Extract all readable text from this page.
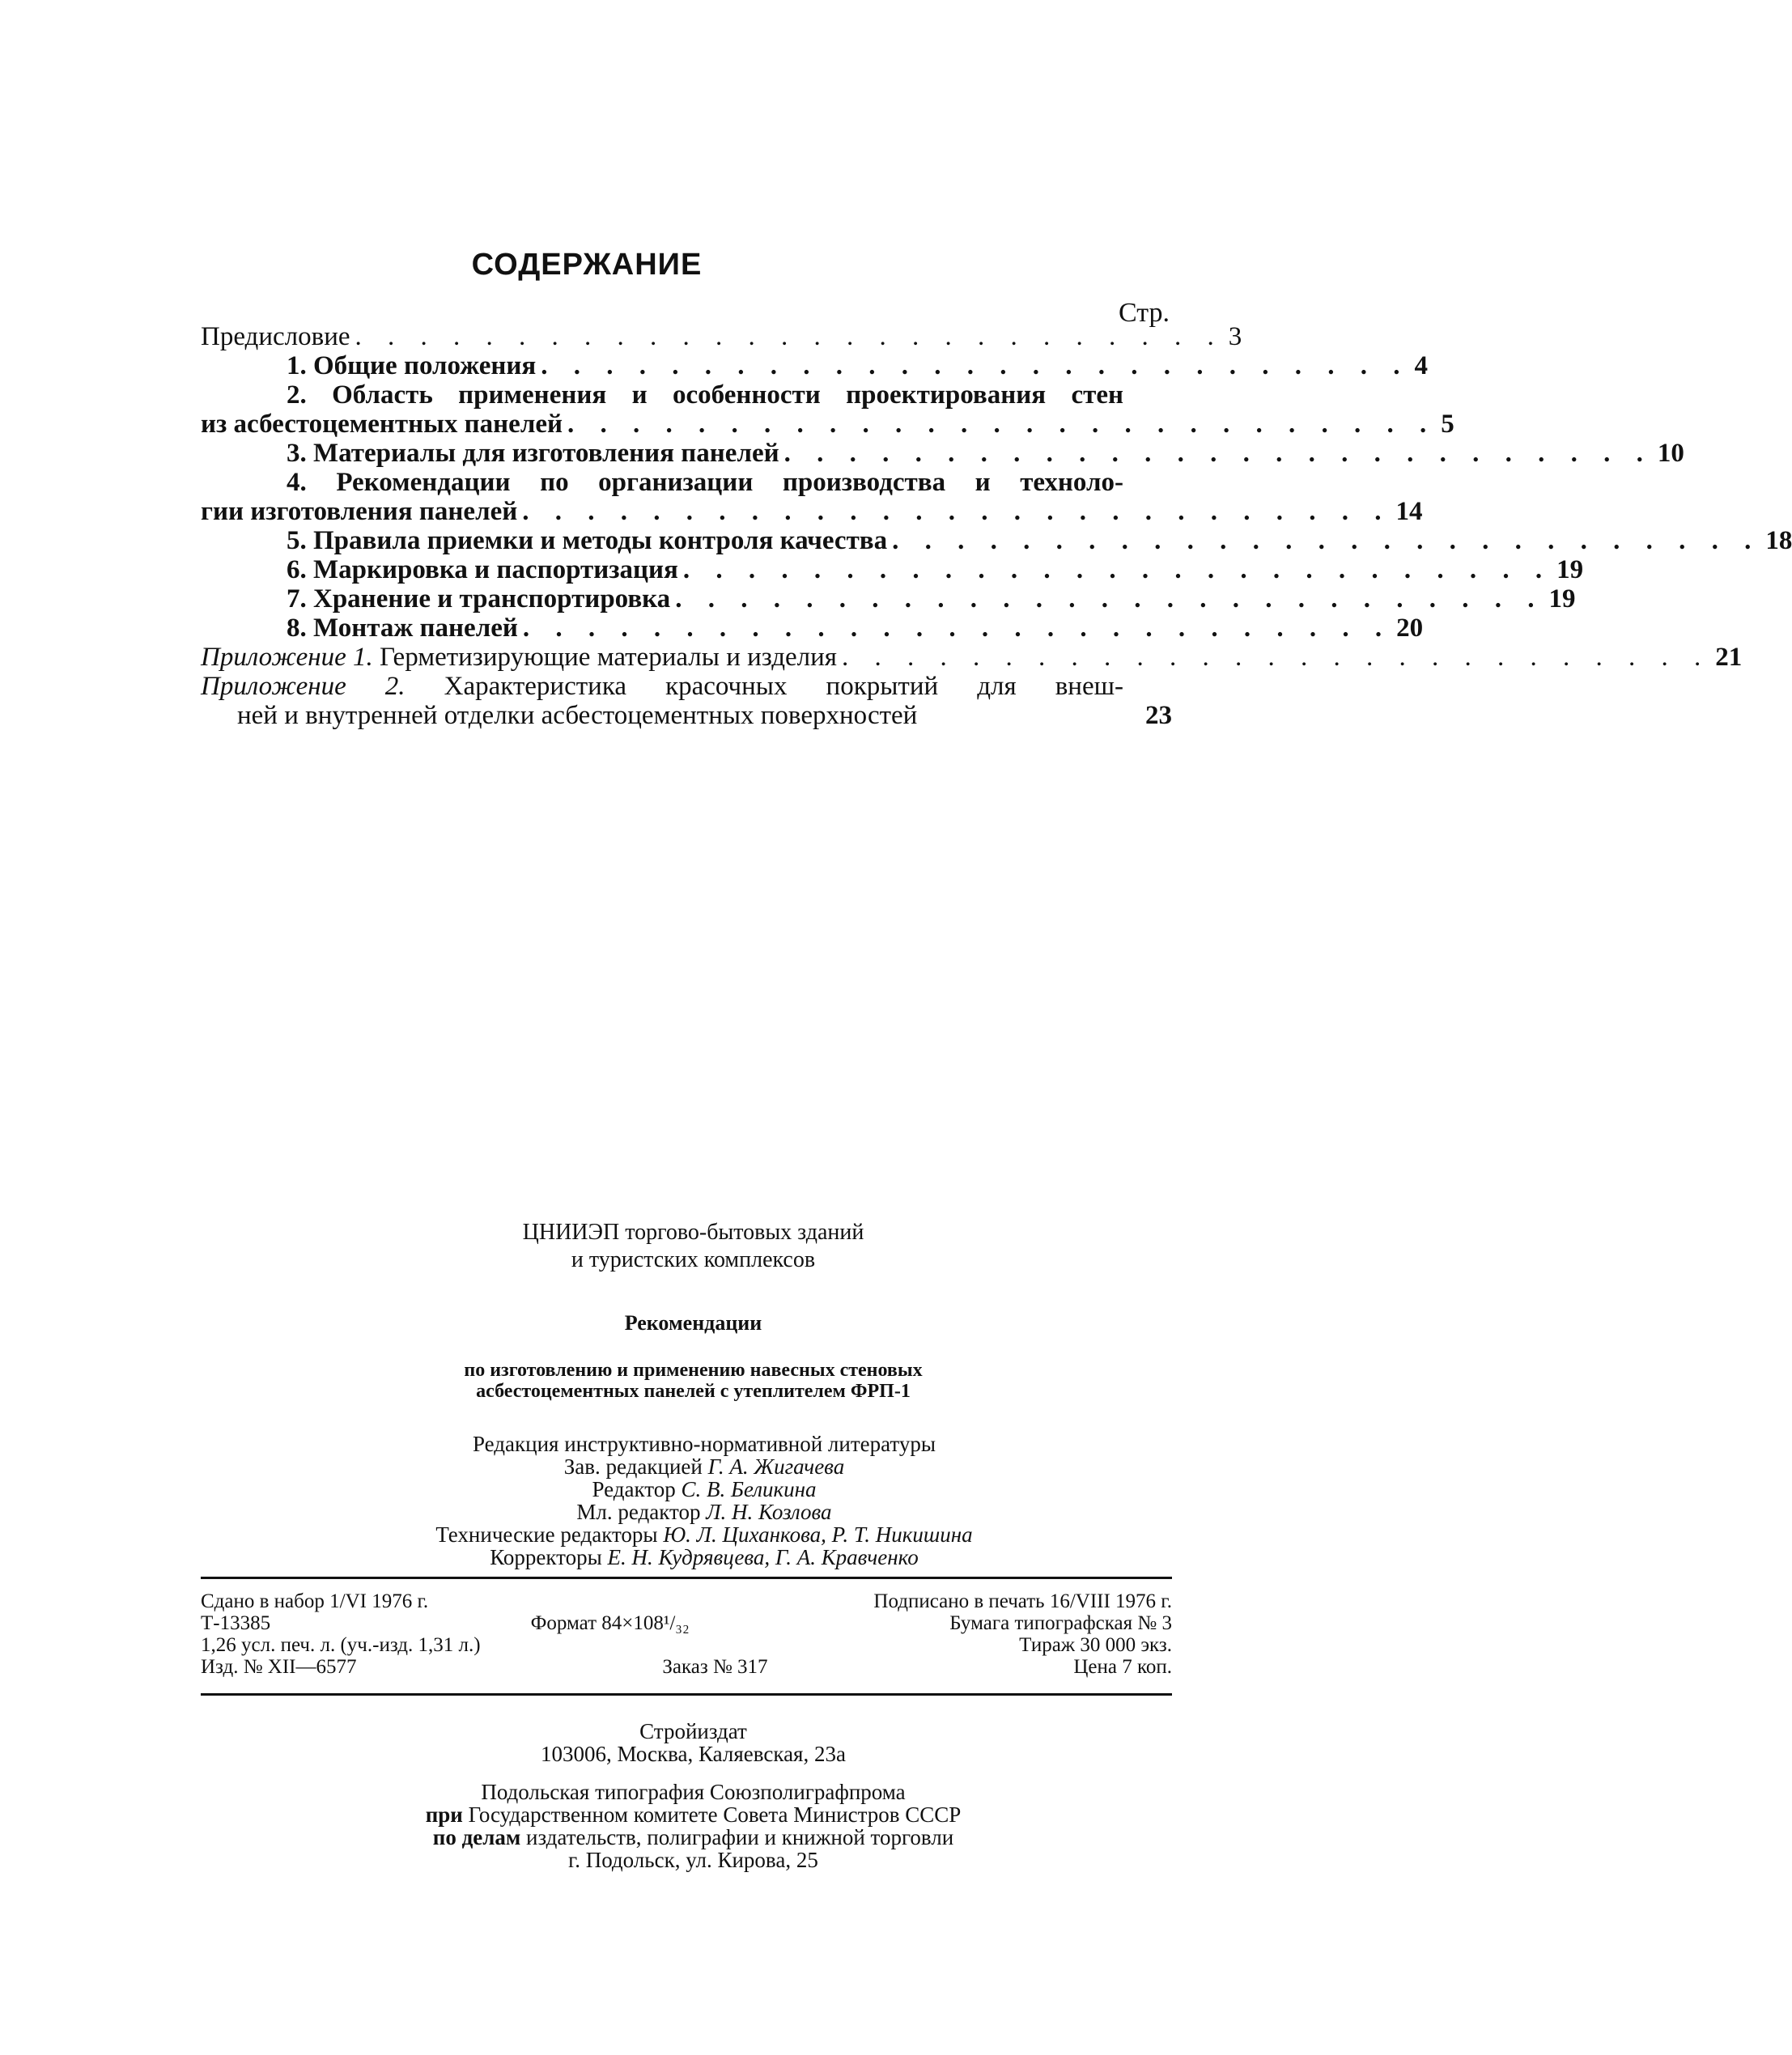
СОДЕРЖАНИЕ
Стр.
Предисловие . . . . . . . . . . . . . . . . . . . . . . . . . . . 3
1. Общие положения . . . . . . . . . . . . . . . . . . . . . . . . . . . 4
2. Область применения и особенности проектирования стен
из асбестоцементных панелей . . . . . . . . . . . . . . . . . . . . . . . . . . . 5
3. Материалы для изготовления панелей . . . . . . . . . . . . . . . . . . . . . . . . . . . 10
4. Рекомендации по организации производства и техноло-
гии изготовления панелей . . . . . . . . . . . . . . . . . . . . . . . . . . . 14
5. Правила приемки и методы контроля качества . . . . . . . . . . . . . . . . . . . . . . . . . . . 18
6. Маркировка и паспортизация . . . . . . . . . . . . . . . . . . . . . . . . . . . 19
7. Хранение и транспортировка . . . . . . . . . . . . . . . . . . . . . . . . . . . 19
8. Монтаж панелей . . . . . . . . . . . . . . . . . . . . . . . . . . . 20
Приложение 1. Герметизирующие материалы и изделия . . . . . . . . . . . . . . . . . . . . . . . . . . . 21
Приложение 2. Характеристика красочных покрытий для внеш-
ней и внутренней отделки асбестоцементных поверхностей	23
ЦНИИЭП торгово-бытовых зданий
и туристских комплексов
Рекомендации
по изготовлению и применению навесных стеновых
асбестоцементных панелей с утеплителем ФРП-1
Редакция инструктивно-нормативной литературы
Зав. редакцией Г. А. Жигачева
Редактор С. В. Беликина
Мл. редактор Л. Н. Козлова
Технические редакторы Ю. Л. Циханкова, Р. Т. Никишина
Корректоры Е. Н. Кудрявцева, Г. А. Кравченко
Сдано в набор 1/VI 1976 г.	Подписано в печать 16/VIII 1976 г.
Т-13385	Формат 84×108¹/₃₂	Бумага типографская № 3
1,26 усл. печ. л. (уч.-изд. 1,31 л.)	Тираж 30 000 экз.
Изд. № XII—6577	Заказ № 317	Цена 7 коп.
Стройиздат
103006, Москва, Каляевская, 23а
Подольская типография Союзполиграфпрома
при Государственном комитете Совета Министров СССР
по делам издательств, полиграфии и книжной торговли
г. Подольск, ул. Кирова, 25
